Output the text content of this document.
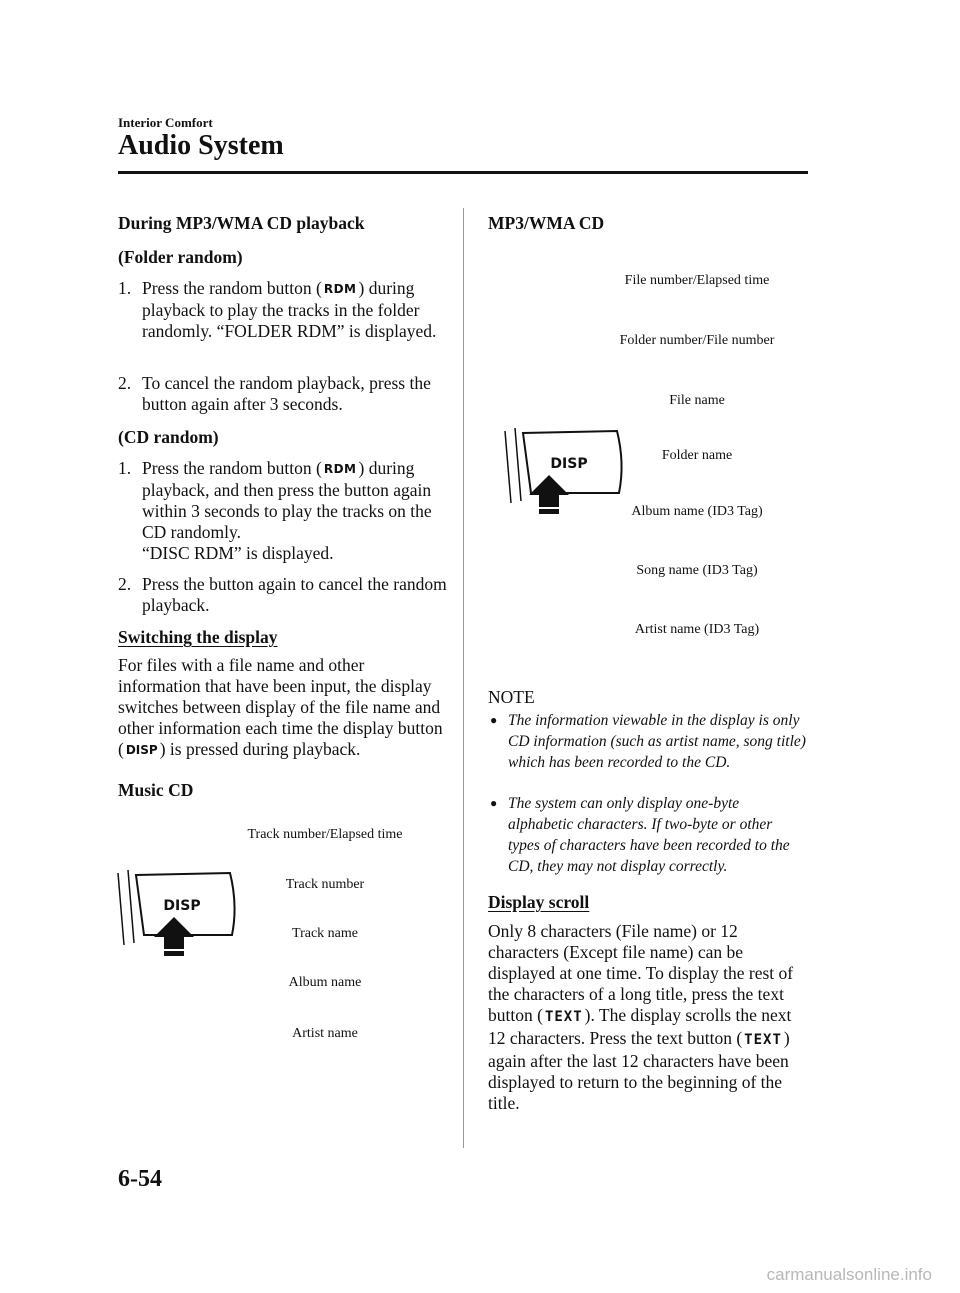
Interior Comfort
Audio System
During MP3/WMA CD playback
(Folder random)
1. Press the random button ( RDM ) during playback to play the tracks in the folder randomly. “FOLDER RDM” is displayed.
2. To cancel the random playback, press the button again after 3 seconds.
(CD random)
1. Press the random button ( RDM ) during playback, and then press the button again within 3 seconds to play the tracks on the CD randomly.
“DISC RDM” is displayed.
2. Press the button again to cancel the random playback.
Switching the display
For files with a file name and other information that have been input, the display switches between display of the file name and other information each time the display button ( DISP ) is pressed during playback.
Music CD
DISP
Track number/Elapsed time
Track number
Track name
Album name
Artist name
MP3/WMA CD
DISP
File number/Elapsed time
Folder number/File number
File name
Folder name
Album name (ID3 Tag)
Song name (ID3 Tag)
Artist name (ID3 Tag)
NOTE
● The information viewable in the display is only CD information (such as artist name, song title) which has been recorded to the CD.
● The system can only display one-byte alphabetic characters. If two-byte or other types of characters have been recorded to the CD, they may not display correctly.
Display scroll
Only 8 characters (File name) or 12 characters (Except file name) can be displayed at one time. To display the rest of the characters of a long title, press the text button ( TEXT ). The display scrolls the next 12 characters. Press the text button ( TEXT ) again after the last 12 characters have been displayed to return to the beginning of the title.
6-54
carmanualsonline.info
